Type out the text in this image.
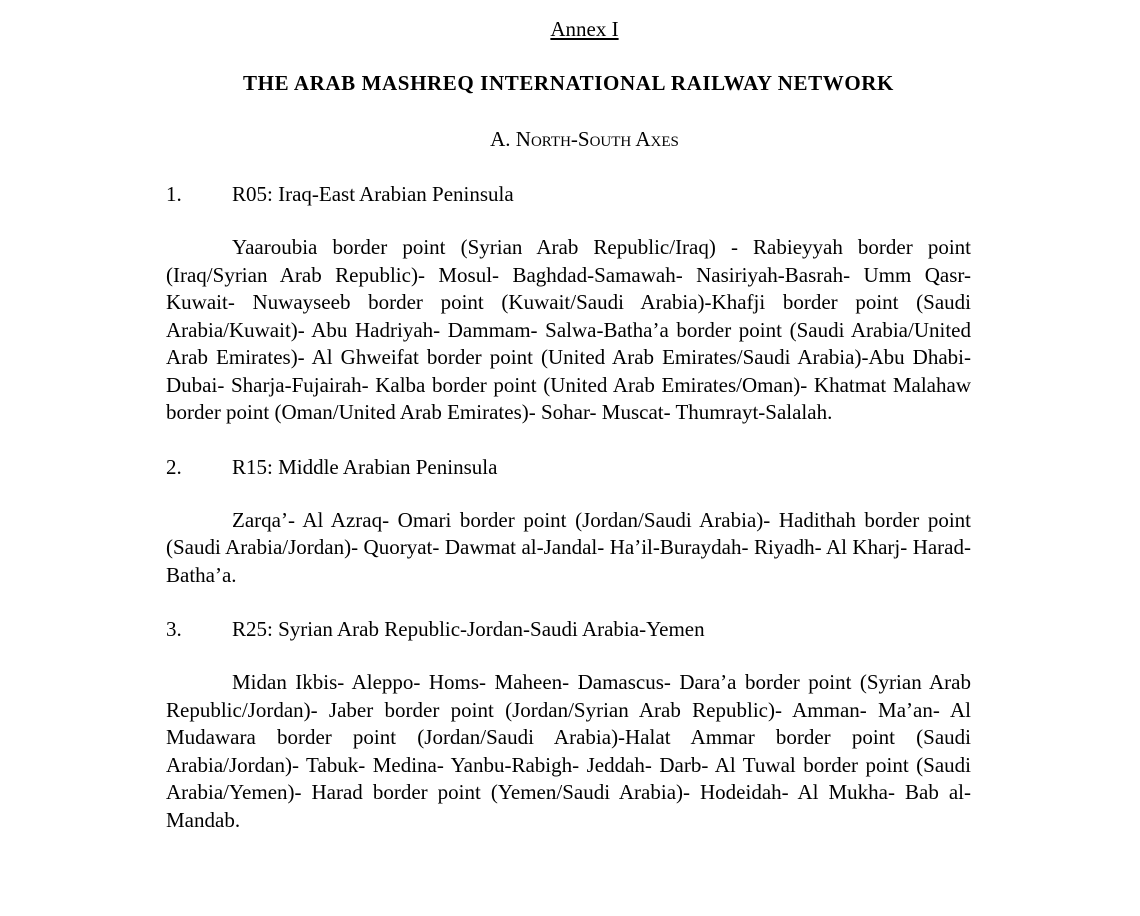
Annex I

THE ARAB MASHREQ INTERNATIONAL RAILWAY NETWORK

A. North-South Axes

1.	R05: Iraq-East Arabian Peninsula

Yaaroubia border point (Syrian Arab Republic/Iraq) - Rabieyyah border point (Iraq/Syrian Arab Republic)- Mosul- Baghdad-Samawah- Nasiriyah-Basrah- Umm Qasr- Kuwait- Nuwayseeb border point (Kuwait/Saudi Arabia)-Khafji border point (Saudi Arabia/Kuwait)- Abu Hadriyah- Dammam- Salwa-Batha’a border point (Saudi Arabia/United Arab Emirates)- Al Ghweifat border point (United Arab Emirates/Saudi Arabia)-Abu Dhabi- Dubai- Sharja-Fujairah- Kalba border point (United Arab Emirates/Oman)- Khatmat Malahaw border point (Oman/United Arab Emirates)- Sohar- Muscat- Thumrayt-Salalah.

2.	R15: Middle Arabian Peninsula

Zarqa’- Al Azraq- Omari border point (Jordan/Saudi Arabia)- Hadithah border point (Saudi Arabia/Jordan)- Quoryat- Dawmat al-Jandal- Ha’il-Buraydah- Riyadh- Al Kharj- Harad- Batha’a.

3.	R25: Syrian Arab Republic-Jordan-Saudi Arabia-Yemen

Midan Ikbis- Aleppo- Homs- Maheen- Damascus- Dara’a border point (Syrian Arab Republic/Jordan)- Jaber border point (Jordan/Syrian Arab Republic)- Amman- Ma’an- Al Mudawara border point (Jordan/Saudi Arabia)-Halat Ammar border point (Saudi Arabia/Jordan)- Tabuk- Medina- Yanbu-Rabigh- Jeddah- Darb- Al Tuwal border point (Saudi Arabia/Yemen)- Harad border point (Yemen/Saudi Arabia)- Hodeidah- Al Mukha- Bab al-Mandab.
